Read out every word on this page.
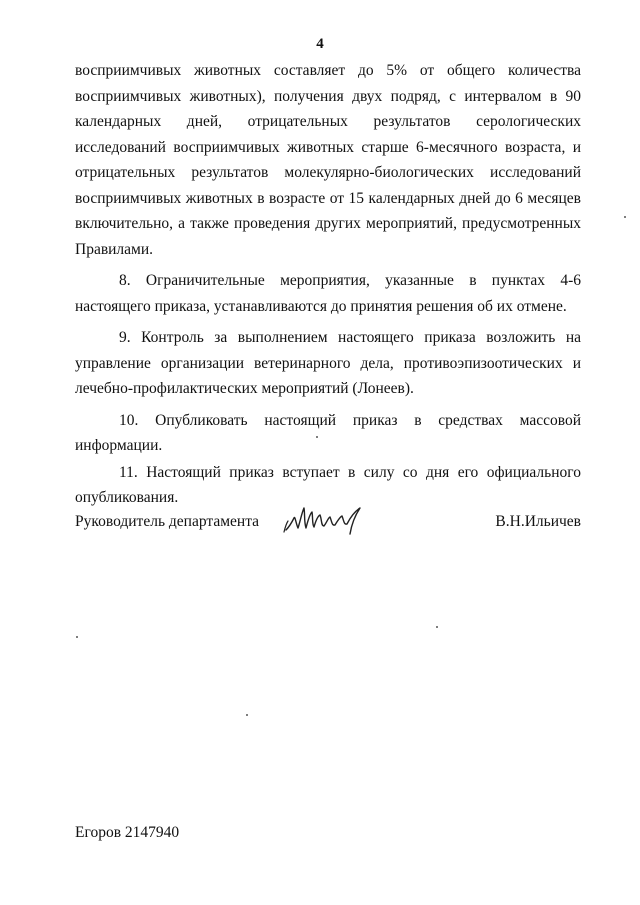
4

восприимчивых животных составляет до 5% от общего количества восприимчивых животных), получения двух подряд, с интервалом в 90 календарных дней, отрицательных результатов серологических исследований восприимчивых животных старше 6-месячного возраста, и отрицательных результатов молекулярно-биологических исследований восприимчивых животных в возрасте от 15 календарных дней до 6 месяцев включительно, а также проведения других мероприятий, предусмотренных Правилами.

8. Ограничительные мероприятия, указанные в пунктах 4-6 настоящего приказа, устанавливаются до принятия решения об их отмене.

9. Контроль за выполнением настоящего приказа возложить на управление организации ветеринарного дела, противоэпизоотических и лечебно-профилактических мероприятий (Лонеев).

10. Опубликовать настоящий приказ в средствах массовой информации.

11. Настоящий приказ вступает в силу со дня его официального опубликования.

Руководитель департамента	В.Н.Ильичев
Егоров 2147940
